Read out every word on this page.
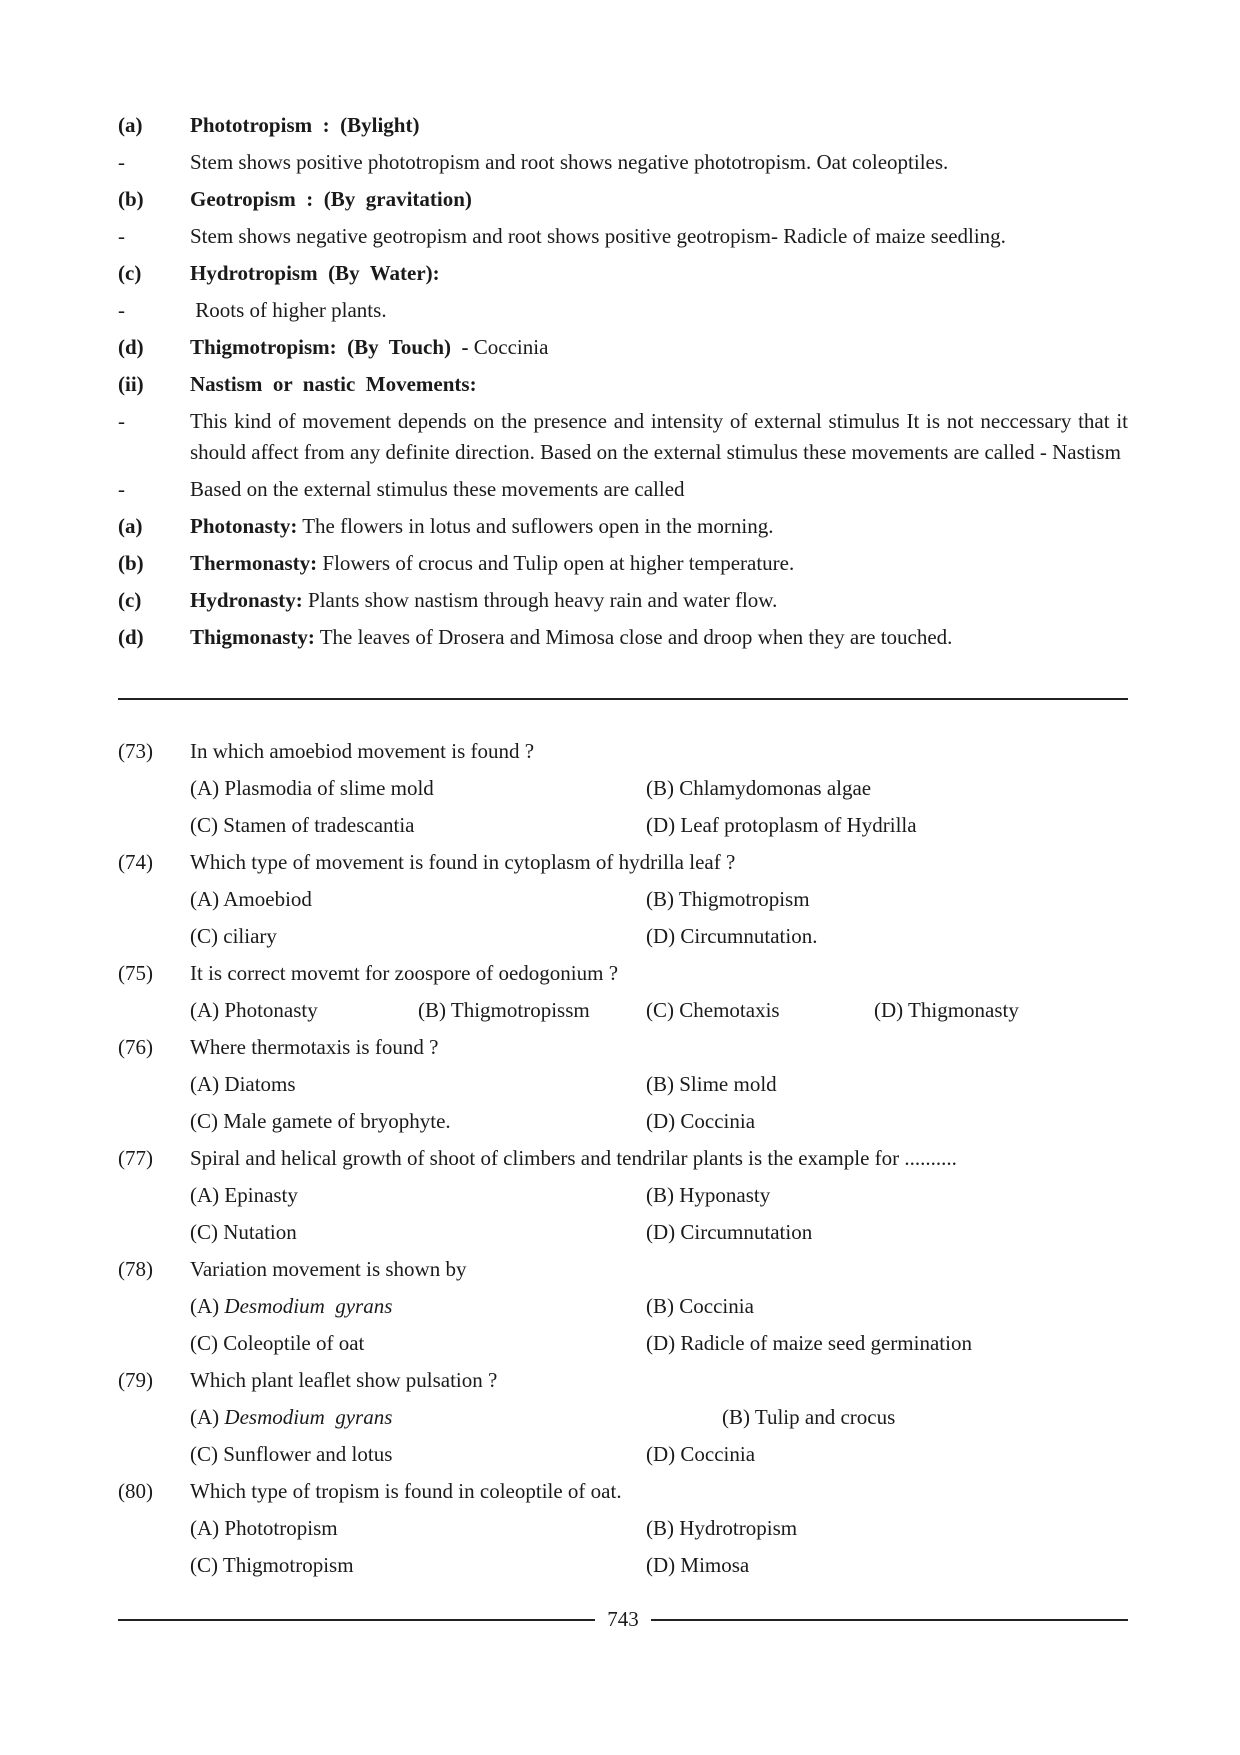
(a)	Phototropism  :  (Bylight)
-	Stem shows positive phototropism and root shows negative phototropism. Oat coleoptiles.
(b)	Geotropism  :  (By  gravitation)
-	Stem shows negative geotropism and root shows positive geotropism- Radicle of maize seedling.
(c)	Hydrotropism  (By  Water):
-	Roots of higher plants.
(d)	Thigmotropism:  (By  Touch)  - Coccinia
(ii)	Nastism  or  nastic  Movements:
-	This kind of movement depends on the presence and intensity of external stimulus It is not neccessary that it should affect from any definite direction. Based on the external stimulus these movements are called - Nastism
-	Based on the external stimulus these movements are called
(a)	Photonasty: The flowers in lotus and suflowers open in the morning.
(b)	Thermonasty: Flowers of crocus and Tulip open at higher temperature.
(c)	Hydronasty: Plants show nastism through heavy rain and water flow.
(d)	Thigmonasty: The leaves of Drosera and Mimosa close and droop when they are touched.
(73)	In which amoebiod movement is found ?
(A) Plasmodia of slime mold	(B) Chlamydomonas algae
(C) Stamen of tradescantia	(D) Leaf protoplasm of Hydrilla
(74)	Which type of movement is found in cytoplasm of hydrilla leaf ?
(A) Amoebiod	(B) Thigmotropism
(C) ciliary	(D) Circumnutation.
(75)	It is correct movemt for zoospore of oedogonium ?
(A) Photonasty	(B) Thigmotropissm	(C) Chemotaxis	(D) Thigmonasty
(76)	Where thermotaxis is found ?
(A) Diatoms	(B) Slime mold
(C) Male gamete of bryophyte.	(D) Coccinia
(77)	Spiral and helical growth of shoot of climbers and tendrilar plants is the example for ..........
(A) Epinasty	(B) Hyponasty
(C) Nutation	(D) Circumnutation
(78)	Variation movement is shown by
(A) Desmodium  gyrans	(B) Coccinia
(C) Coleoptile of oat	(D) Radicle of maize seed germination
(79)	Which plant leaflet show pulsation ?
(A) Desmodium  gyrans	(B) Tulip and crocus
(C) Sunflower and lotus	(D) Coccinia
(80)	Which type of tropism is found in coleoptile of oat.
(A) Phototropism	(B) Hydrotropism
(C) Thigmotropism	(D) Mimosa
743
